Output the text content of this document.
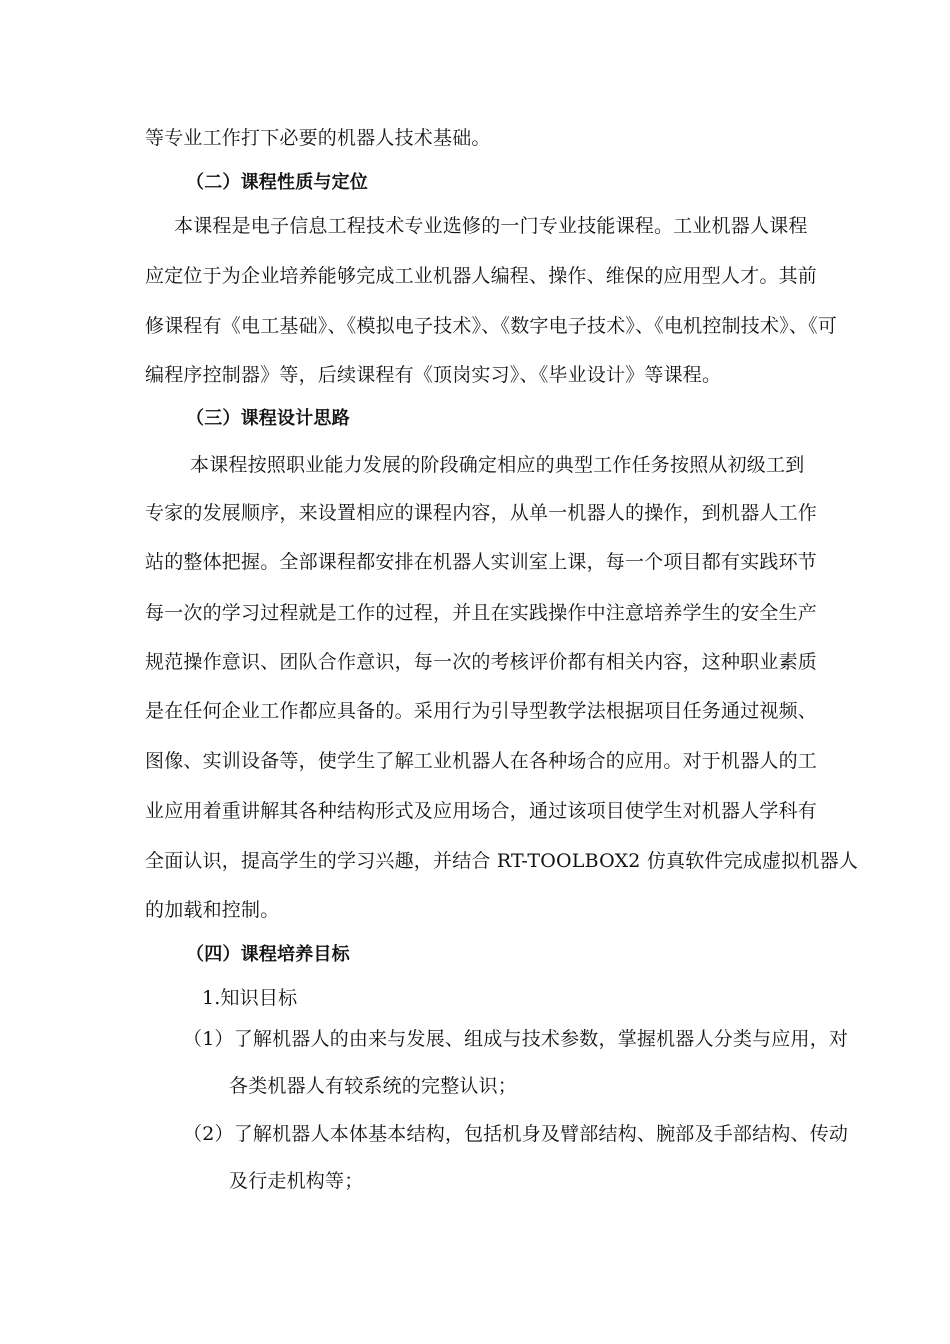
等专业工作打下必要的机器人技术基础。
（二）课程性质与定位
本课程是电子信息工程技术专业选修的一门专业技能课程。工业机器人课程
应定位于为企业培养能够完成工业机器人编程、操作、维保的应用型人才。其前
修课程有《电工基础》、《模拟电子技术》、《数字电子技术》、《电机控制技术》、《可
编程序控制器》等，后续课程有《顶岗实习》、《毕业设计》等课程。
（三）课程设计思路
本课程按照职业能力发展的阶段确定相应的典型工作任务按照从初级工到
专家的发展顺序，来设置相应的课程内容，从单一机器人的操作，到机器人工作
站的整体把握。全部课程都安排在机器人实训室上课，每一个项目都有实践环节
每一次的学习过程就是工作的过程，并且在实践操作中注意培养学生的安全生产
规范操作意识、团队合作意识，每一次的考核评价都有相关内容，这种职业素质
是在任何企业工作都应具备的。采用行为引导型教学法根据项目任务通过视频、
图像、实训设备等，使学生了解工业机器人在各种场合的应用。对于机器人的工
业应用着重讲解其各种结构形式及应用场合，通过该项目使学生对机器人学科有
全面认识，提高学生的学习兴趣，并结合 RT-TOOLBOX2 仿真软件完成虚拟机器人
的加载和控制。
（四）课程培养目标
1.知识目标
（1）了解机器人的由来与发展、组成与技术参数，掌握机器人分类与应用，对
各类机器人有较系统的完整认识；
（2）了解机器人本体基本结构，包括机身及臂部结构、腕部及手部结构、传动
及行走机构等；
